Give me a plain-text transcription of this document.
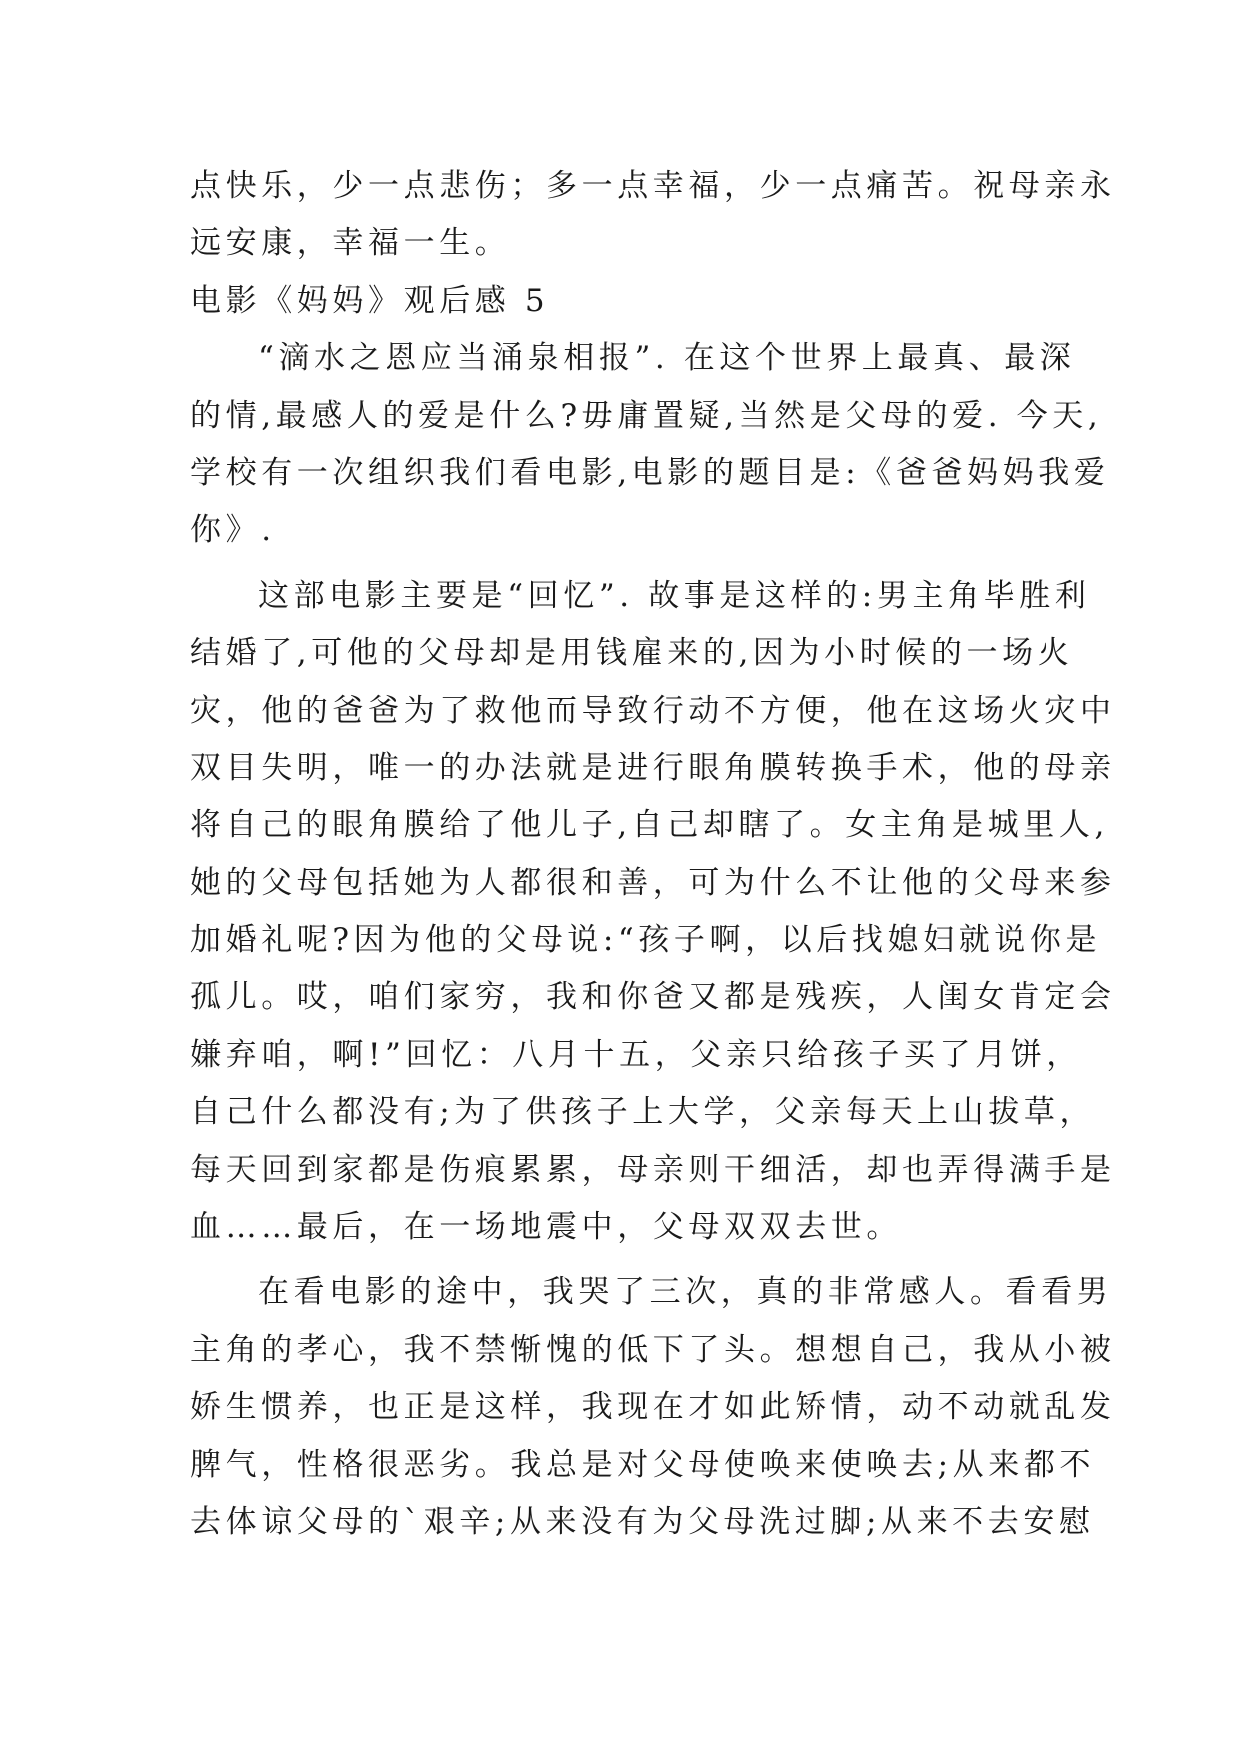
点快乐，少一点悲伤；多一点幸福，少一点痛苦。祝母亲永
远安康，幸福一生。
电影《妈妈》观后感 5
“滴水之恩应当涌泉相报”. 在这个世界上最真、最深
的情,最感人的爱是什么?毋庸置疑,当然是父母的爱. 今天,
学校有一次组织我们看电影,电影的题目是:《爸爸妈妈我爱
你》.
这部电影主要是“回忆”. 故事是这样的:男主角毕胜利
结婚了,可他的父母却是用钱雇来的,因为小时候的一场火
灾，他的爸爸为了救他而导致行动不方便，他在这场火灾中
双目失明，唯一的办法就是进行眼角膜转换手术，他的母亲
将自己的眼角膜给了他儿子,自己却瞎了。女主角是城里人,
她的父母包括她为人都很和善，可为什么不让他的父母来参
加婚礼呢?因为他的父母说:“孩子啊，以后找媳妇就说你是
孤儿。哎，咱们家穷，我和你爸又都是残疾，人闺女肯定会
嫌弃咱，啊!”回忆：八月十五，父亲只给孩子买了月饼，
自己什么都没有;为了供孩子上大学，父亲每天上山拔草，
每天回到家都是伤痕累累，母亲则干细活，却也弄得满手是
血……最后，在一场地震中，父母双双去世。
在看电影的途中，我哭了三次，真的非常感人。看看男
主角的孝心，我不禁惭愧的低下了头。想想自己，我从小被
娇生惯养，也正是这样，我现在才如此矫情，动不动就乱发
脾气，性格很恶劣。我总是对父母使唤来使唤去;从来都不
去体谅父母的`艰辛;从来没有为父母洗过脚;从来不去安慰
